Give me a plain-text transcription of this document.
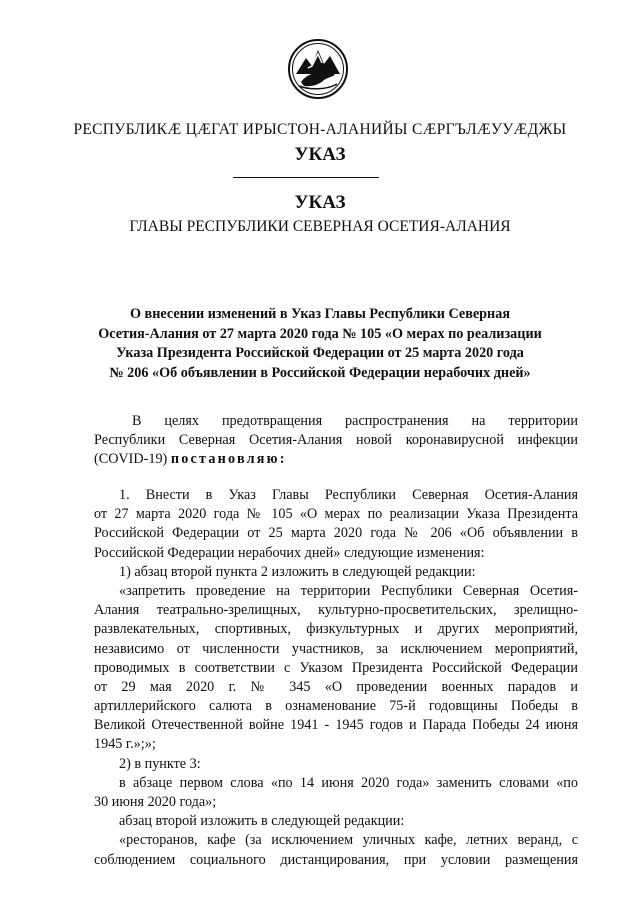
РЕСПУБЛИКӔ ЦӔГАТ ИРЫСТОН-АЛАНИЙЫ СӔРГЪЛӔУУӔДЖЫ
УКАЗ
УКАЗ
ГЛАВЫ РЕСПУБЛИКИ СЕВЕРНАЯ ОСЕТИЯ-АЛАНИЯ
О внесении изменений в Указ Главы Республики Северная
Осетия-Алания от 27 марта 2020 года № 105 «О мерах по реализации
Указа Президента Российской Федерации от 25 марта 2020 года
№ 206 «Об объявлении в Российской Федерации нерабочих дней»
В целях предотвращения распространения на территории
Республики Северная Осетия-Алания новой коронавирусной инфекции
(COVID-19) постановляю:
1. Внести в Указ Главы Республики Северная Осетия-Алания
от 27 марта 2020 года № 105 «О мерах по реализации Указа Президента
Российской Федерации от 25 марта 2020 года № 206 «Об объявлении в
Российской Федерации нерабочих дней» следующие изменения:
1) абзац второй пункта 2 изложить в следующей редакции:
«запретить проведение на территории Республики Северная Осетия-
Алания театрально-зрелищных, культурно-просветительских, зрелищно-
развлекательных, спортивных, физкультурных и других мероприятий,
независимо от численности участников, за исключением мероприятий,
проводимых в соответствии с Указом Президента Российской Федерации
от 29 мая 2020 г. № 345 «О проведении военных парадов и
артиллерийского салюта в ознаменование 75-й годовщины Победы в
Великой Отечественной войне 1941 - 1945 годов и Парада Победы 24 июня
1945 г.»;»;
2) в пункте 3:
в абзаце первом слова «по 14 июня 2020 года» заменить словами «по
30 июня 2020 года»;
абзац второй изложить в следующей редакции:
«ресторанов, кафе (за исключением уличных кафе, летних веранд, с
соблюдением социального дистанцирования, при условии размещения
